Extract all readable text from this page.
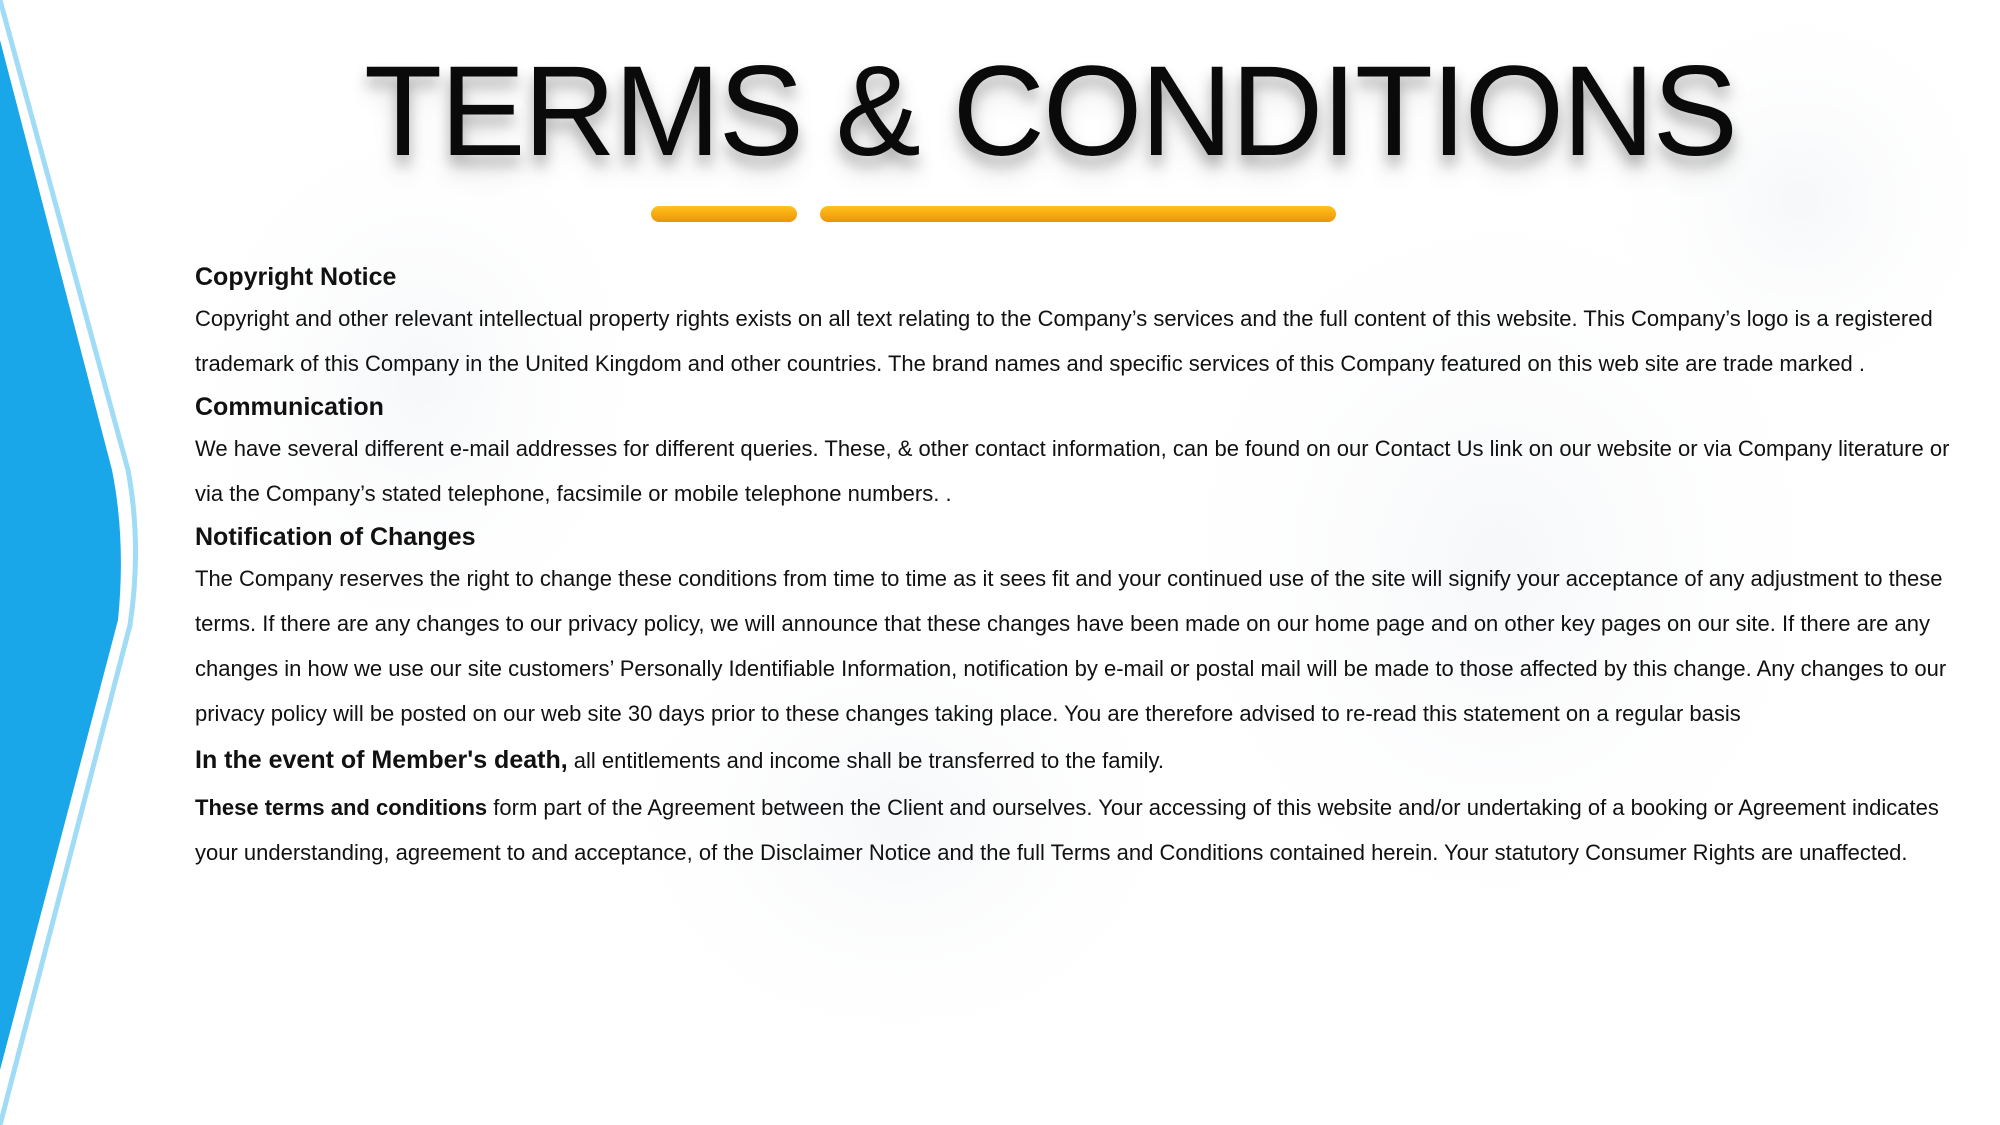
TERMS & CONDITIONS
Copyright Notice

Copyright and other relevant intellectual property rights exists on all text relating to the Company’s services and the full content of this website. This Company’s logo is a registered trademark of this Company in the United Kingdom and other countries. The brand names and specific services of this Company featured on this web site are trade marked .

Communication

We have several different e-mail addresses for different queries. These, & other contact information, can be found on our Contact Us link on our website or via Company literature or via the Company’s stated telephone, facsimile or mobile telephone numbers. .

Notification of Changes

The Company reserves the right to change these conditions from time to time as it sees fit and your continued use of the site will signify your acceptance of any adjustment to these terms. If there are any changes to our privacy policy, we will announce that these changes have been made on our home page and on other key pages on our site. If there are any changes in how we use our site customers’ Personally Identifiable Information, notification by e-mail or postal mail will be made to those affected by this change. Any changes to our privacy policy will be posted on our web site 30 days prior to these changes taking place. You are therefore advised to re-read this statement on a regular basis

In the event of Member's death, all entitlements and income shall be transferred to the family.

These terms and conditions form part of the Agreement between the Client and ourselves. Your accessing of this website and/or undertaking of a booking or Agreement indicates your understanding, agreement to and acceptance, of the Disclaimer Notice and the full Terms and Conditions contained herein. Your statutory Consumer Rights are unaffected.
